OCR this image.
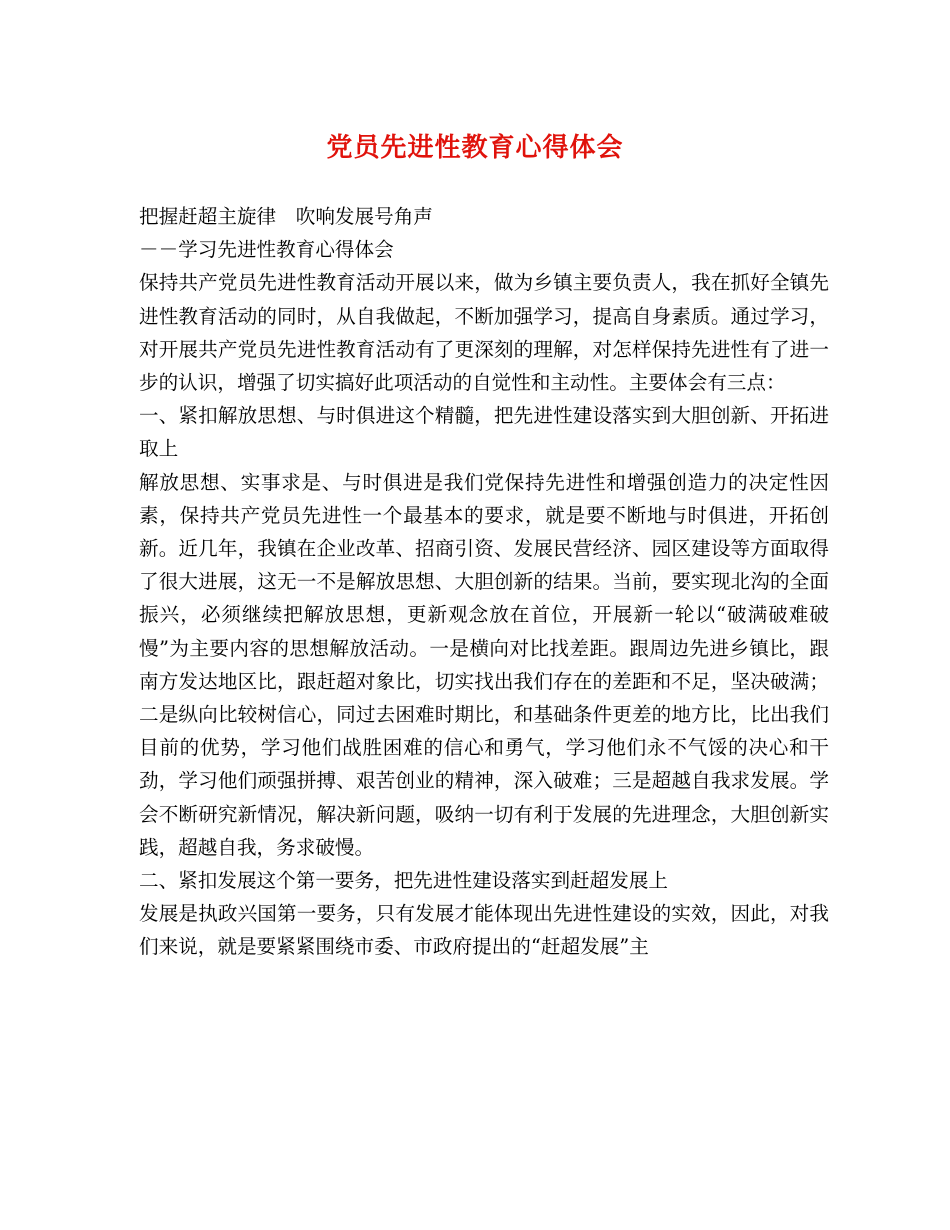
党员先进性教育心得体会

把握赶超主旋律　吹响发展号角声

－－学习先进性教育心得体会

保持共产党员先进性教育活动开展以来，做为乡镇主要负责人，我在抓好全镇先进性教育活动的同时，从自我做起，不断加强学习，提高自身素质。通过学习，对开展共产党员先进性教育活动有了更深刻的理解，对怎样保持先进性有了进一步的认识，增强了切实搞好此项活动的自觉性和主动性。主要体会有三点：

一、紧扣解放思想、与时俱进这个精髓，把先进性建设落实到大胆创新、开拓进取上

解放思想、实事求是、与时俱进是我们党保持先进性和增强创造力的决定性因素，保持共产党员先进性一个最基本的要求，就是要不断地与时俱进，开拓创新。近几年，我镇在企业改革、招商引资、发展民营经济、园区建设等方面取得了很大进展，这无一不是解放思想、大胆创新的结果。当前，要实现北沟的全面振兴，必须继续把解放思想，更新观念放在首位，开展新一轮以“破满破难破慢”为主要内容的思想解放活动。一是横向对比找差距。跟周边先进乡镇比，跟南方发达地区比，跟赶超对象比，切实找出我们存在的差距和不足，坚决破满；二是纵向比较树信心，同过去困难时期比，和基础条件更差的地方比，比出我们目前的优势，学习他们战胜困难的信心和勇气，学习他们永不气馁的决心和干劲，学习他们顽强拼搏、艰苦创业的精神，深入破难；三是超越自我求发展。学会不断研究新情况，解决新问题，吸纳一切有利于发展的先进理念，大胆创新实践，超越自我，务求破慢。

二、紧扣发展这个第一要务，把先进性建设落实到赶超发展上

发展是执政兴国第一要务，只有发展才能体现出先进性建设的实效，因此，对我们来说，就是要紧紧围绕市委、市政府提出的“赶超发展”主
